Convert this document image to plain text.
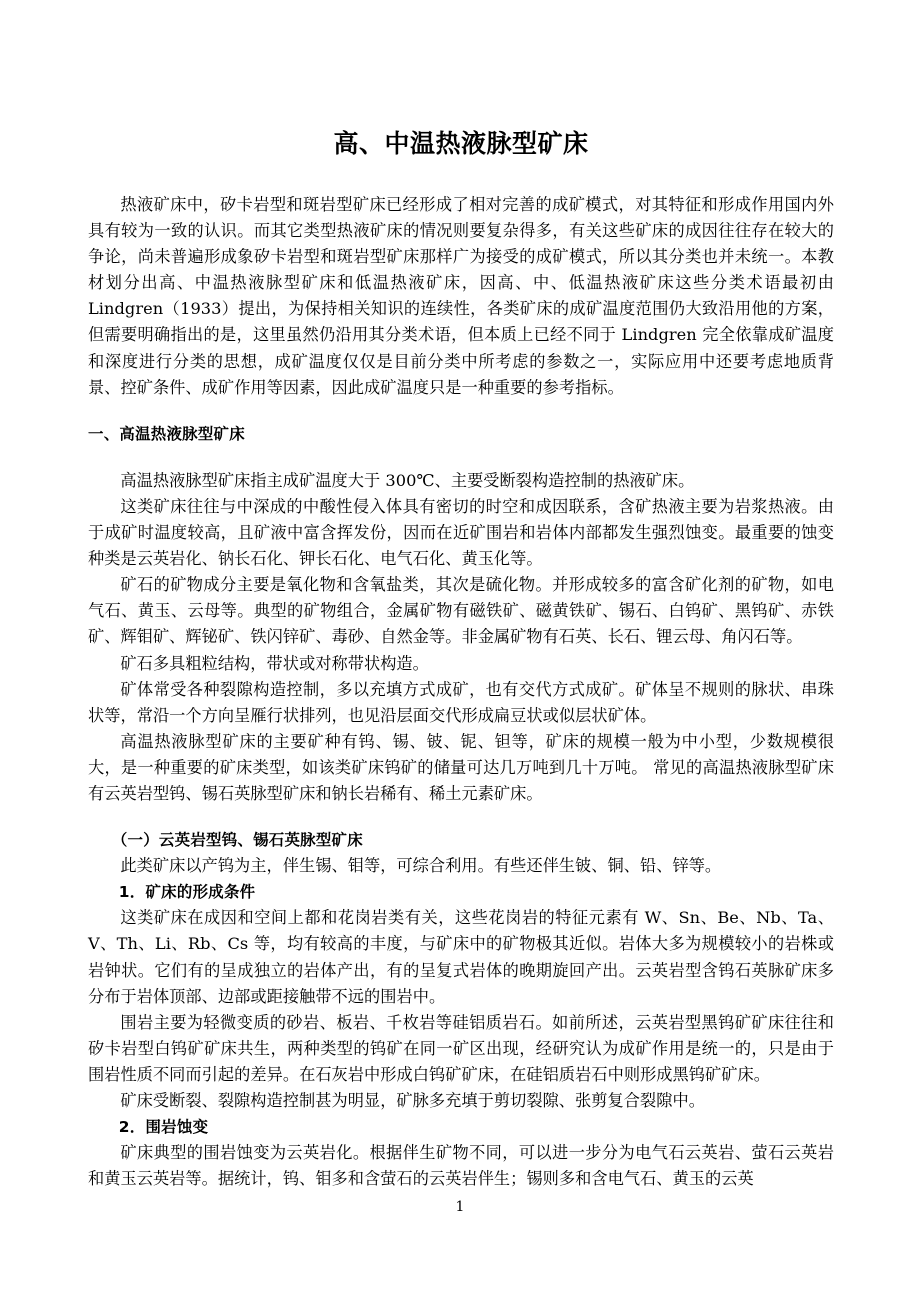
高、中温热液脉型矿床

热液矿床中，矽卡岩型和斑岩型矿床已经形成了相对完善的成矿模式，对其特征和形成作用国内外具有较为一致的认识。而其它类型热液矿床的情况则要复杂得多，有关这些矿床的成因往往存在较大的争论，尚未普遍形成象矽卡岩型和斑岩型矿床那样广为接受的成矿模式，所以其分类也并未统一。本教材划分出高、中温热液脉型矿床和低温热液矿床，因高、中、低温热液矿床这些分类术语最初由 Lindgren（1933）提出，为保持相关知识的连续性，各类矿床的成矿温度范围仍大致沿用他的方案，但需要明确指出的是，这里虽然仍沿用其分类术语，但本质上已经不同于 Lindgren 完全依靠成矿温度和深度进行分类的思想，成矿温度仅仅是目前分类中所考虑的参数之一，实际应用中还要考虑地质背景、控矿条件、成矿作用等因素，因此成矿温度只是一种重要的参考指标。

一、高温热液脉型矿床

高温热液脉型矿床指主成矿温度大于 300℃、主要受断裂构造控制的热液矿床。

这类矿床往往与中深成的中酸性侵入体具有密切的时空和成因联系，含矿热液主要为岩浆热液。由于成矿时温度较高，且矿液中富含挥发份，因而在近矿围岩和岩体内部都发生强烈蚀变。最重要的蚀变种类是云英岩化、钠长石化、钾长石化、电气石化、黄玉化等。

矿石的矿物成分主要是氧化物和含氧盐类，其次是硫化物。并形成较多的富含矿化剂的矿物，如电气石、黄玉、云母等。典型的矿物组合，金属矿物有磁铁矿、磁黄铁矿、锡石、白钨矿、黑钨矿、赤铁矿、辉钼矿、辉铋矿、铁闪锌矿、毒砂、自然金等。非金属矿物有石英、长石、锂云母、角闪石等。

矿石多具粗粒结构，带状或对称带状构造。

矿体常受各种裂隙构造控制，多以充填方式成矿，也有交代方式成矿。矿体呈不规则的脉状、串珠状等，常沿一个方向呈雁行状排列，也见沿层面交代形成扁豆状或似层状矿体。

高温热液脉型矿床的主要矿种有钨、锡、铍、铌、钽等，矿床的规模一般为中小型，少数规模很大，是一种重要的矿床类型，如该类矿床钨矿的储量可达几万吨到几十万吨。 常见的高温热液脉型矿床有云英岩型钨、锡石英脉型矿床和钠长岩稀有、稀土元素矿床。

（一）云英岩型钨、锡石英脉型矿床

此类矿床以产钨为主，伴生锡、钼等，可综合利用。有些还伴生铍、铜、铅、锌等。

1．矿床的形成条件

这类矿床在成因和空间上都和花岗岩类有关，这些花岗岩的特征元素有 W、Sn、Be、Nb、Ta、V、Th、Li、Rb、Cs 等，均有较高的丰度，与矿床中的矿物极其近似。岩体大多为规模较小的岩株或岩钟状。它们有的呈成独立的岩体产出，有的呈复式岩体的晚期旋回产出。云英岩型含钨石英脉矿床多分布于岩体顶部、边部或距接触带不远的围岩中。

围岩主要为轻微变质的砂岩、板岩、千枚岩等硅铝质岩石。如前所述，云英岩型黑钨矿矿床往往和矽卡岩型白钨矿矿床共生，两种类型的钨矿在同一矿区出现，经研究认为成矿作用是统一的，只是由于围岩性质不同而引起的差异。在石灰岩中形成白钨矿矿床，在硅铝质岩石中则形成黑钨矿矿床。

矿床受断裂、裂隙构造控制甚为明显，矿脉多充填于剪切裂隙、张剪复合裂隙中。

2．围岩蚀变

矿床典型的围岩蚀变为云英岩化。根据伴生矿物不同，可以进一步分为电气石云英岩、萤石云英岩和黄玉云英岩等。据统计，钨、钼多和含萤石的云英岩伴生；锡则多和含电气石、黄玉的云英

1
